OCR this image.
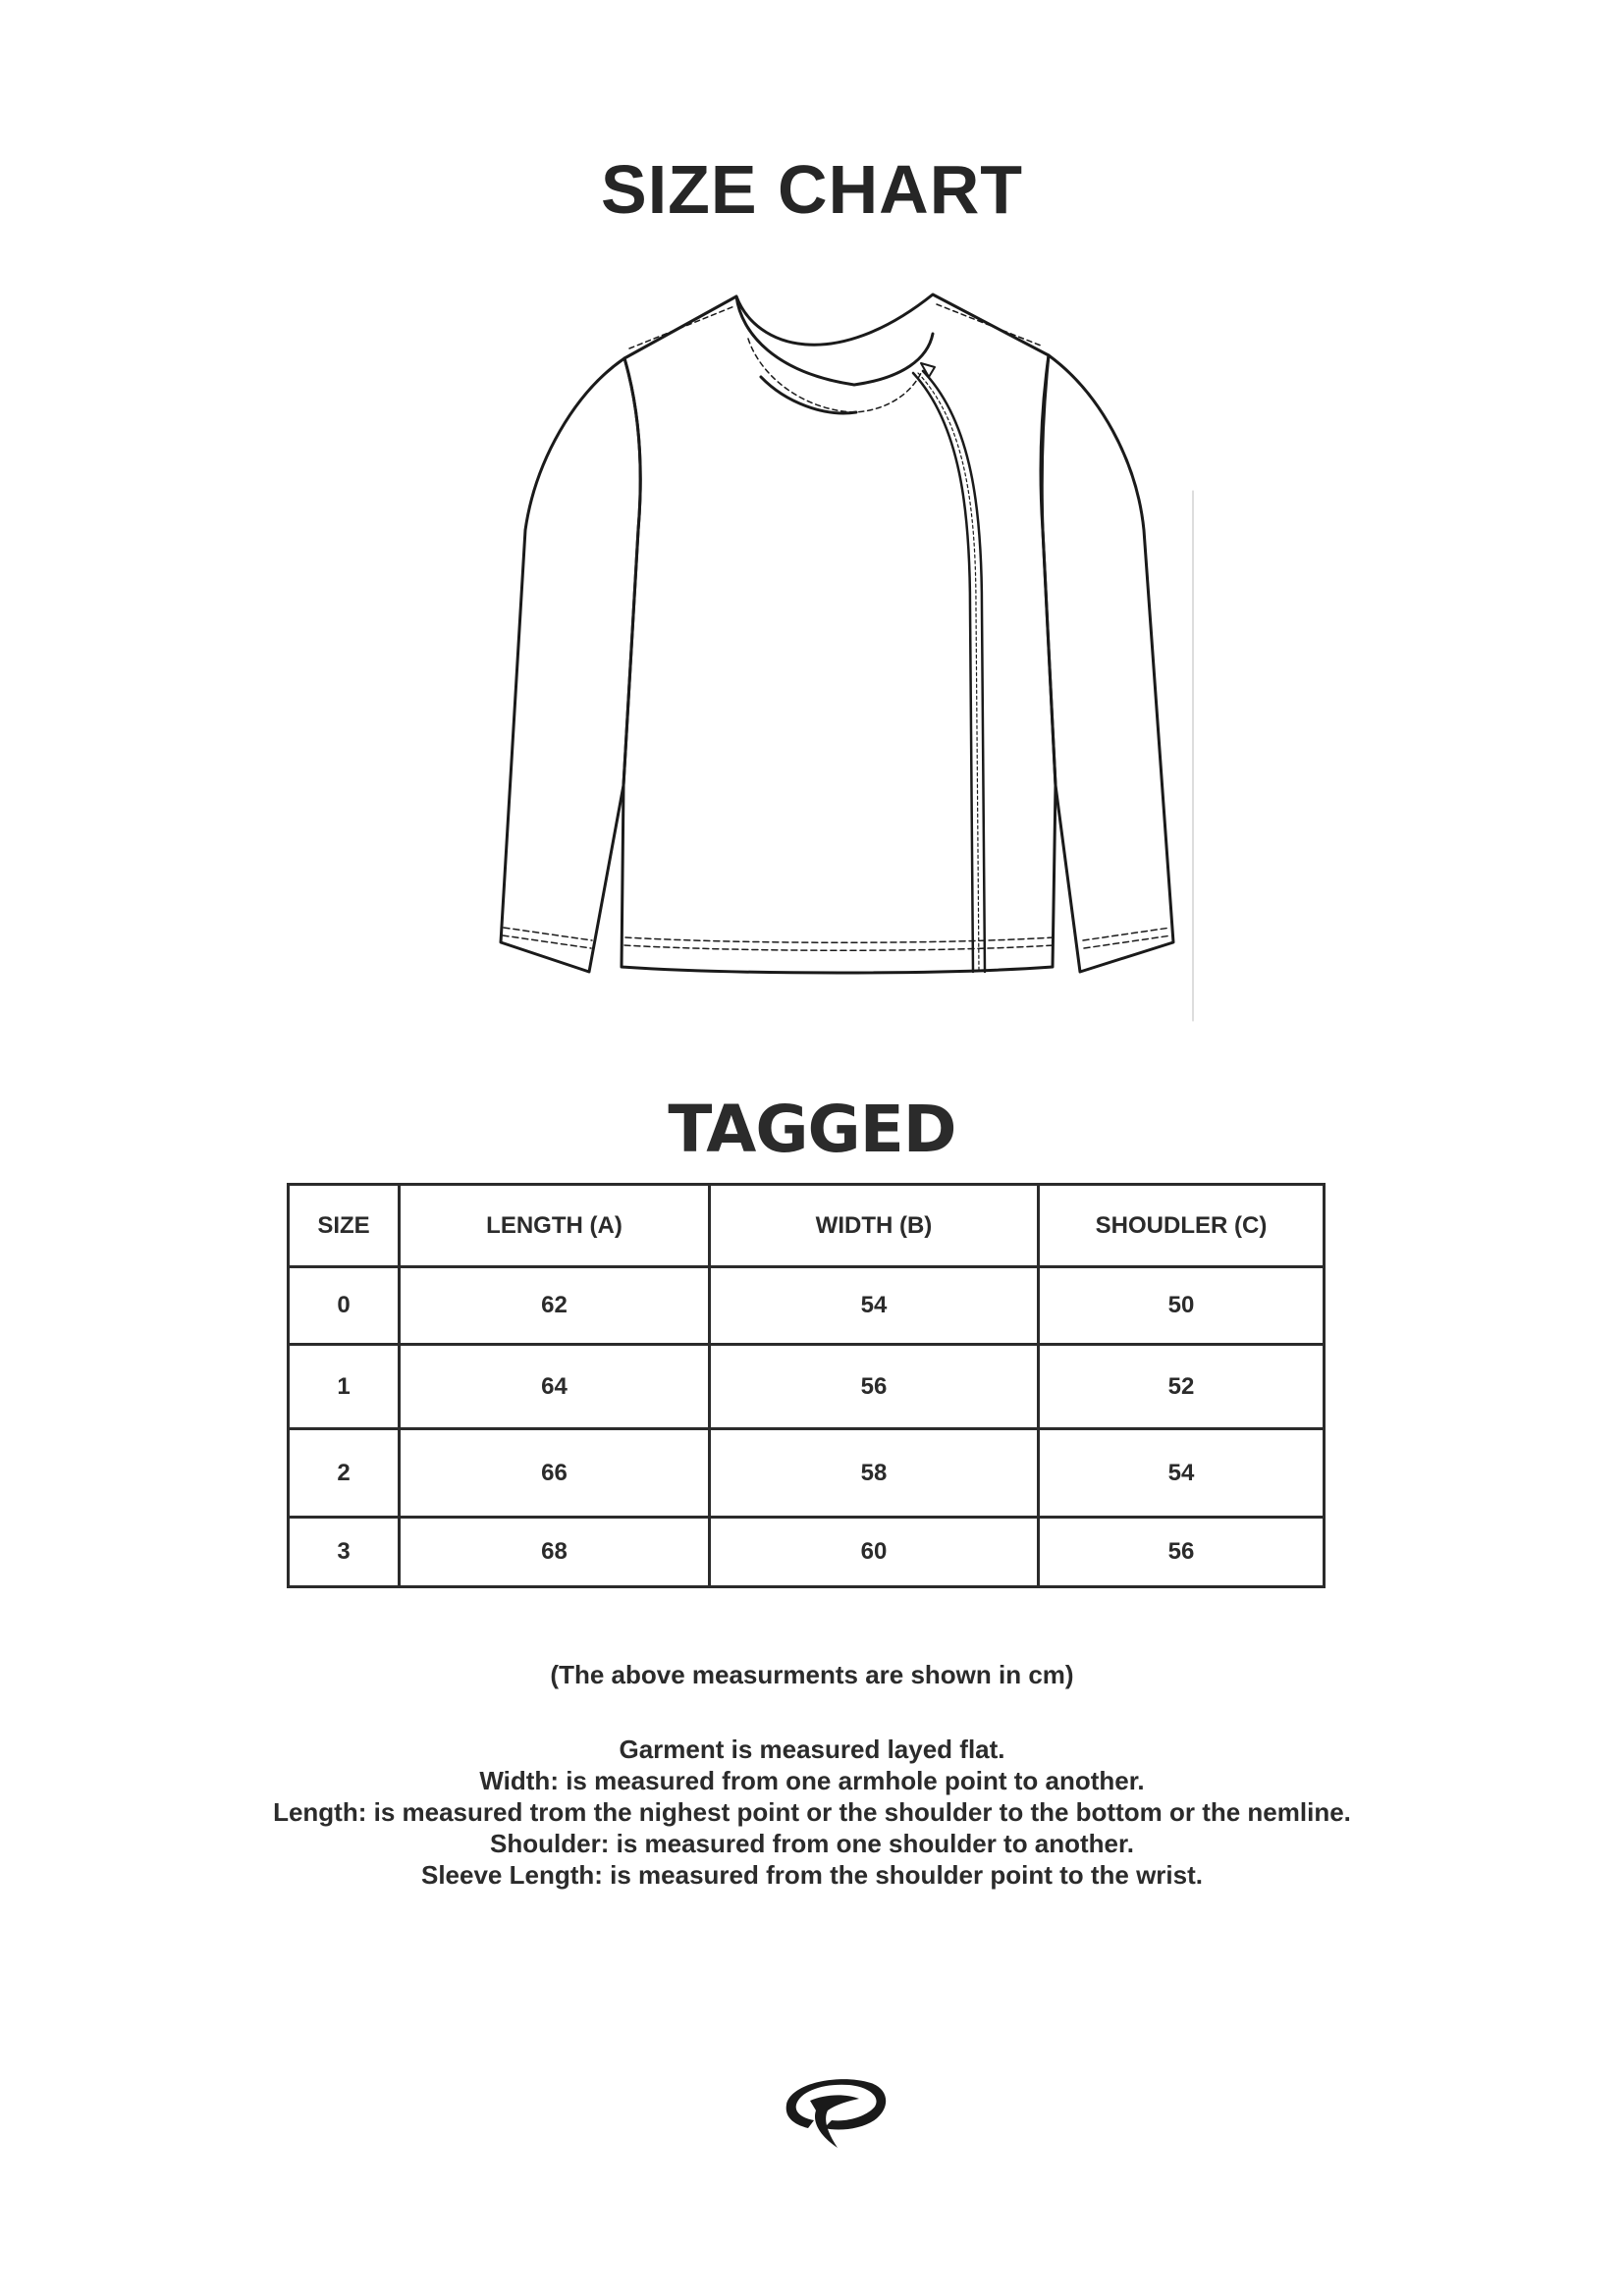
SIZE CHART
TAGGED
SIZE	LENGTH (A)	WIDTH (B)	SHOUDLER (C)
0	62	54	50
1	64	56	52
2	66	58	54
3	68	60	56
(The above measurments are shown in cm)
Garment is measured layed flat.
Width: is measured from one armhole point to another.
Length: is measured trom the nighest point or the shoulder to the bottom or the nemline.
Shoulder: is measured from one shoulder to another.
Sleeve Length: is measured from the shoulder point to the wrist.
